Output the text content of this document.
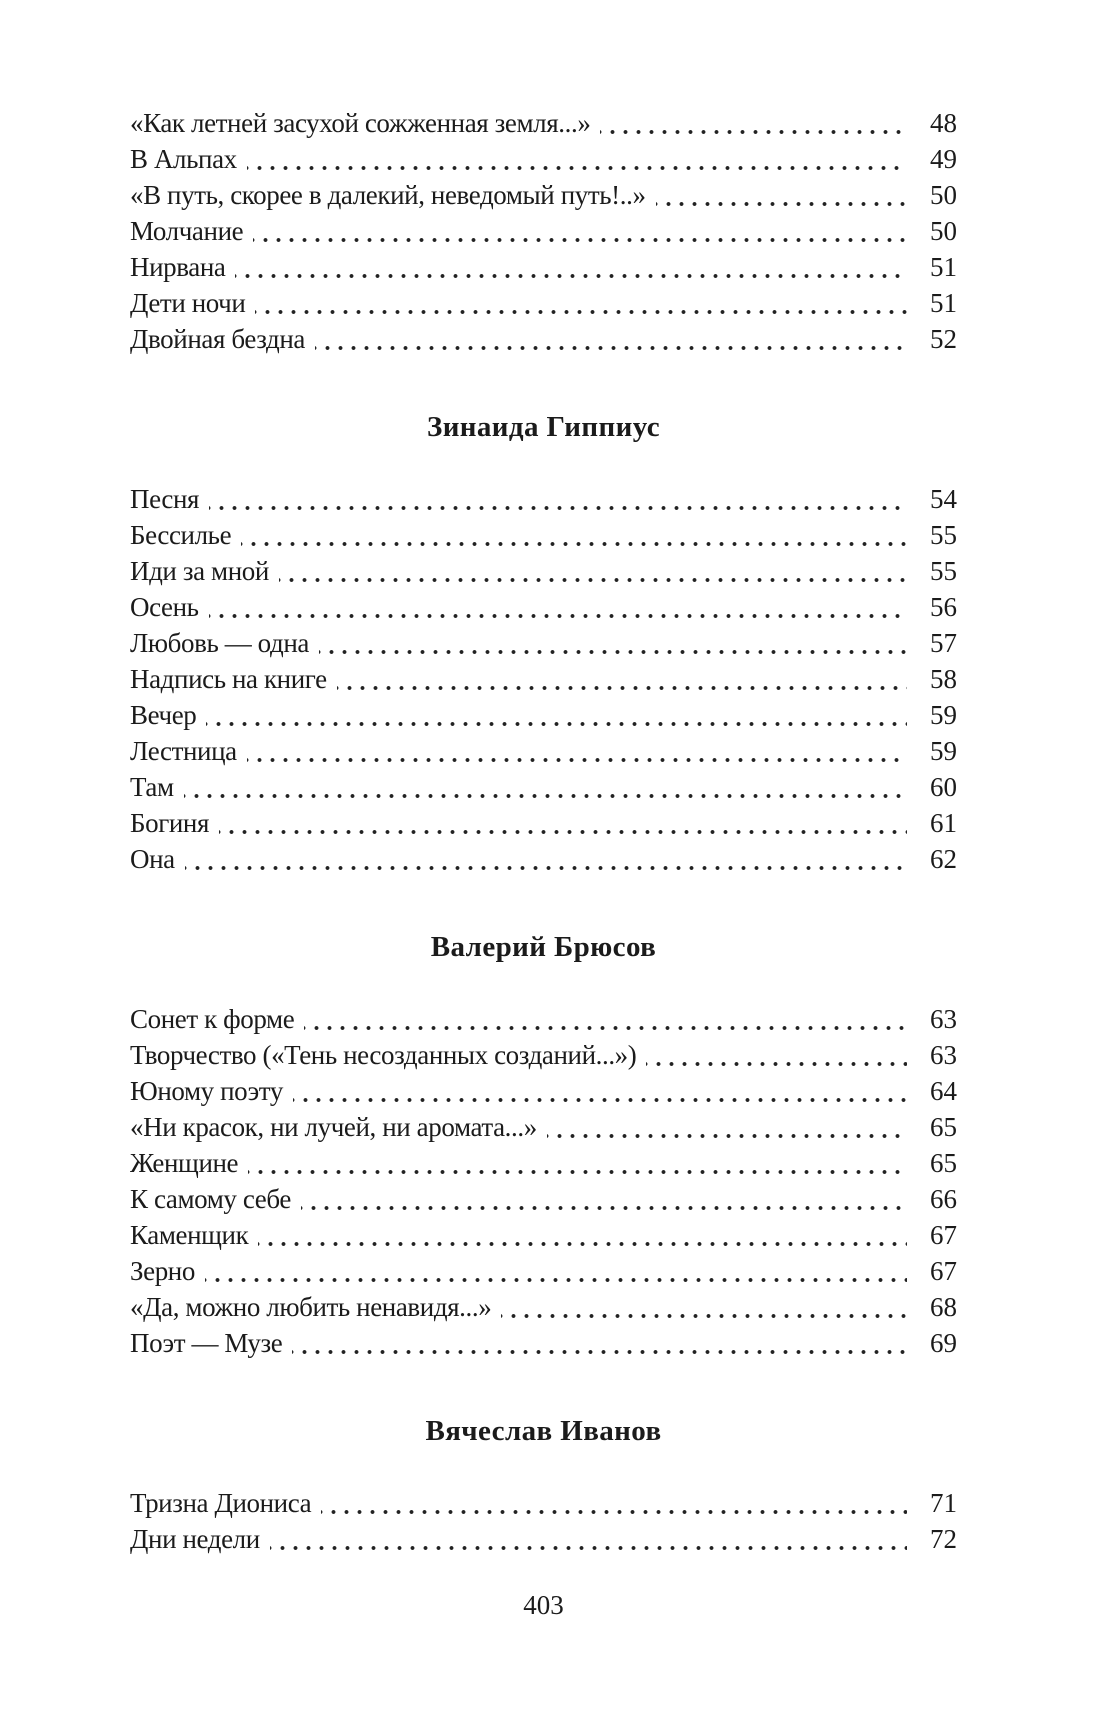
«Как летней засухой сожженная земля...»	48
В Альпах	49
«В путь, скорее в далекий, неведомый путь!..»	50
Молчание	50
Нирвана	51
Дети ночи	51
Двойная бездна	52
Зинаида Гиппиус
Песня	54
Бессилье	55
Иди за мной	55
Осень	56
Любовь — одна	57
Надпись на книге	58
Вечер	59
Лестница	59
Там	60
Богиня	61
Она	62
Валерий Брюсов
Сонет к форме	63
Творчество («Тень несозданных созданий...»)	63
Юному поэту	64
«Ни красок, ни лучей, ни аромата...»	65
Женщине	65
К самому себе	66
Каменщик	67
Зерно	67
«Да, можно любить ненавидя...»	68
Поэт — Музе	69
Вячеслав Иванов
Тризна Диониса	71
Дни недели	72
403
